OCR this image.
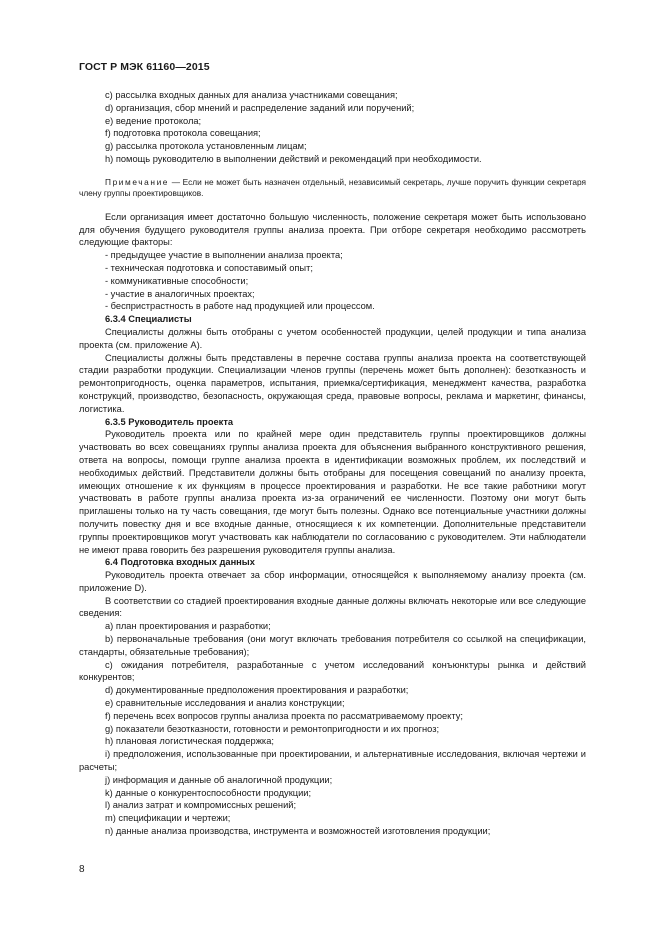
ГОСТ Р МЭК 61160—2015

c) рассылка входных данных для анализа участниками совещания;

d) организация, сбор мнений и распределение заданий или поручений;

e) ведение протокола;

f) подготовка протокола совещания;

g) рассылка протокола установленным лицам;

h) помощь руководителю в выполнении действий и рекомендаций при необходимости.

Примечание — Если не может быть назначен отдельный, независимый секретарь, лучше поручить функции секретаря члену группы проектировщиков.

Если организация имеет достаточно большую численность, положение секретаря может быть использовано для обучения будущего руководителя группы анализа проекта. При отборе секретаря необходимо рассмотреть следующие факторы:

- предыдущее участие в выполнении анализа проекта;

- техническая подготовка и сопоставимый опыт;

- коммуникативные способности;

- участие в аналогичных проектах;

- беспристрастность в работе над продукцией или процессом.

6.3.4 Специалисты

Специалисты должны быть отобраны с учетом особенностей продукции, целей продукции и типа анализа проекта (см. приложение А).

Специалисты должны быть представлены в перечне состава группы анализа проекта на соответствующей стадии разработки продукции. Специализации членов группы (перечень может быть дополнен): безотказность и ремонтопригодность, оценка параметров, испытания, приемка/сертификация, менеджмент качества, разработка конструкций, производство, безопасность, окружающая среда, правовые вопросы, реклама и маркетинг, финансы, логистика.

6.3.5 Руководитель проекта

Руководитель проекта или по крайней мере один представитель группы проектировщиков должны участвовать во всех совещаниях группы анализа проекта для объяснения выбранного конструктивного решения, ответа на вопросы, помощи группе анализа проекта в идентификации возможных проблем, их последствий и необходимых действий. Представители должны быть отобраны для посещения совещаний по анализу проекта, имеющих отношение к их функциям в процессе проектирования и разработки. Не все такие работники могут участвовать в работе группы анализа проекта из-за ограничений ее численности. Поэтому они могут быть приглашены только на ту часть совещания, где могут быть полезны. Однако все потенциальные участники должны получить повестку дня и все входные данные, относящиеся к их компетенции. Дополнительные представители группы проектировщиков могут участвовать как наблюдатели по согласованию с руководителем. Эти наблюдатели не имеют права говорить без разрешения руководителя группы анализа.

6.4 Подготовка входных данных

Руководитель проекта отвечает за сбор информации, относящейся к выполняемому анализу проекта (см. приложение D).

В соответствии со стадией проектирования входные данные должны включать некоторые или все следующие сведения:

a) план проектирования и разработки;

b) первоначальные требования (они могут включать требования потребителя со ссылкой на спецификации, стандарты, обязательные требования);

c) ожидания потребителя, разработанные с учетом исследований конъюнктуры рынка и действий конкурентов;

d) документированные предположения проектирования и разработки;

e) сравнительные исследования и анализ конструкции;

f) перечень всех вопросов группы анализа проекта по рассматриваемому проекту;

g) показатели безотказности, готовности и ремонтопригодности и их прогноз;

h) плановая логистическая поддержка;

i) предположения, использованные при проектировании, и альтернативные исследования, включая чертежи и расчеты;

j) информация и данные об аналогичной продукции;

k) данные о конкурентоспособности продукции;

l) анализ затрат и компромиссных решений;

m) спецификации и чертежи;

n) данные анализа производства, инструмента и возможностей изготовления продукции;

8
